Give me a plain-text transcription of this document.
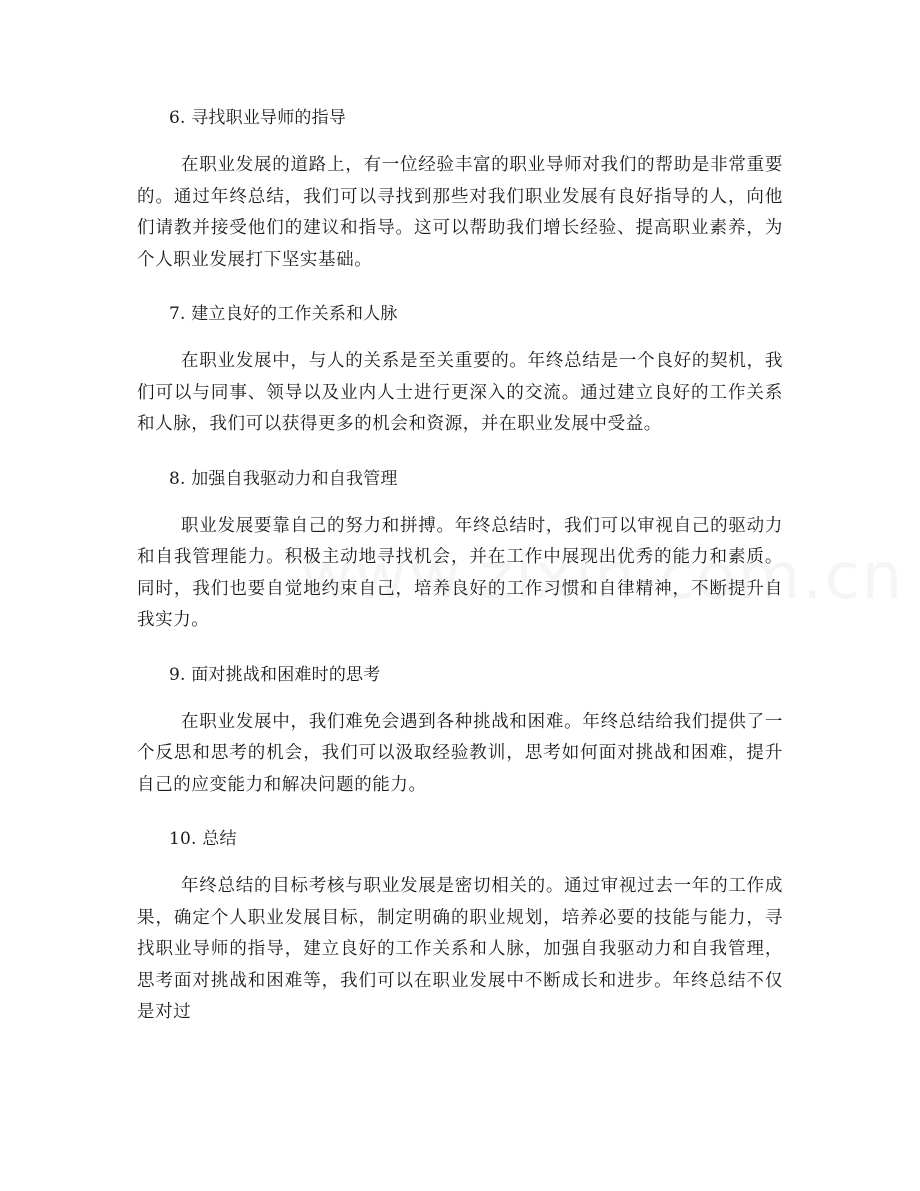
6. 寻找职业导师的指导

在职业发展的道路上，有一位经验丰富的职业导师对我们的帮助是非常重要的。通过年终总结，我们可以寻找到那些对我们职业发展有良好指导的人，向他们请教并接受他们的建议和指导。这可以帮助我们增长经验、提高职业素养，为个人职业发展打下坚实基础。

7. 建立良好的工作关系和人脉

在职业发展中，与人的关系是至关重要的。年终总结是一个良好的契机，我们可以与同事、领导以及业内人士进行更深入的交流。通过建立良好的工作关系和人脉，我们可以获得更多的机会和资源，并在职业发展中受益。

8. 加强自我驱动力和自我管理

职业发展要靠自己的努力和拼搏。年终总结时，我们可以审视自己的驱动力和自我管理能力。积极主动地寻找机会，并在工作中展现出优秀的能力和素质。同时，我们也要自觉地约束自己，培养良好的工作习惯和自律精神，不断提升自我实力。

9. 面对挑战和困难时的思考

在职业发展中，我们难免会遇到各种挑战和困难。年终总结给我们提供了一个反思和思考的机会，我们可以汲取经验教训，思考如何面对挑战和困难，提升自己的应变能力和解决问题的能力。

10. 总结

年终总结的目标考核与职业发展是密切相关的。通过审视过去一年的工作成果，确定个人职业发展目标，制定明确的职业规划，培养必要的技能与能力，寻找职业导师的指导，建立良好的工作关系和人脉，加强自我驱动力和自我管理，思考面对挑战和困难等，我们可以在职业发展中不断成长和进步。年终总结不仅是对过
